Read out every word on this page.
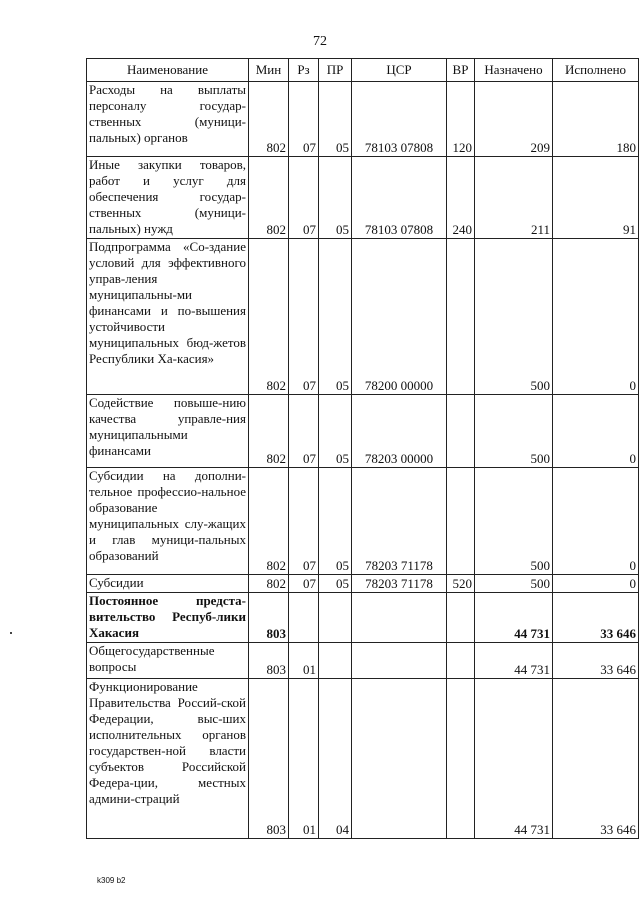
72
Наименование	Мин	Рз	ПР	ЦСР	ВР	Назначено	Исполнено
Расходы на выплаты персоналу государ-ственных (муници-пальных) органов	802	07	05	78103 07808	120	209	180
Иные закупки товаров, работ и услуг для обеспечения государ-ственных (муници-пальных) нужд	802	07	05	78103 07808	240	211	91
Подпрограмма «Со-здание условий для эффективного управ-ления муниципальны-ми финансами и по-вышения устойчивости муниципальных бюд-жетов Республики Ха-касия»	802	07	05	78200 00000		500	0
Содействие повыше-нию качества управле-ния муниципальными финансами	802	07	05	78203 00000		500	0
Субсидии на дополни-тельное профессио-нальное образование муниципальных слу-жащих и глав муници-пальных образований	802	07	05	78203 71178		500	0
Субсидии	802	07	05	78203 71178	520	500	0
Постоянное предста-вительство Респуб-лики Хакасия	803					44 731	33 646
Общегосударственные вопросы	803	01				44 731	33 646
Функционирование Правительства Россий-ской Федерации, выс-ших исполнительных органов государствен-ной власти субъектов Российской Федера-ции, местных админи-страций	803	01	04			44 731	33 646
k309 b2
